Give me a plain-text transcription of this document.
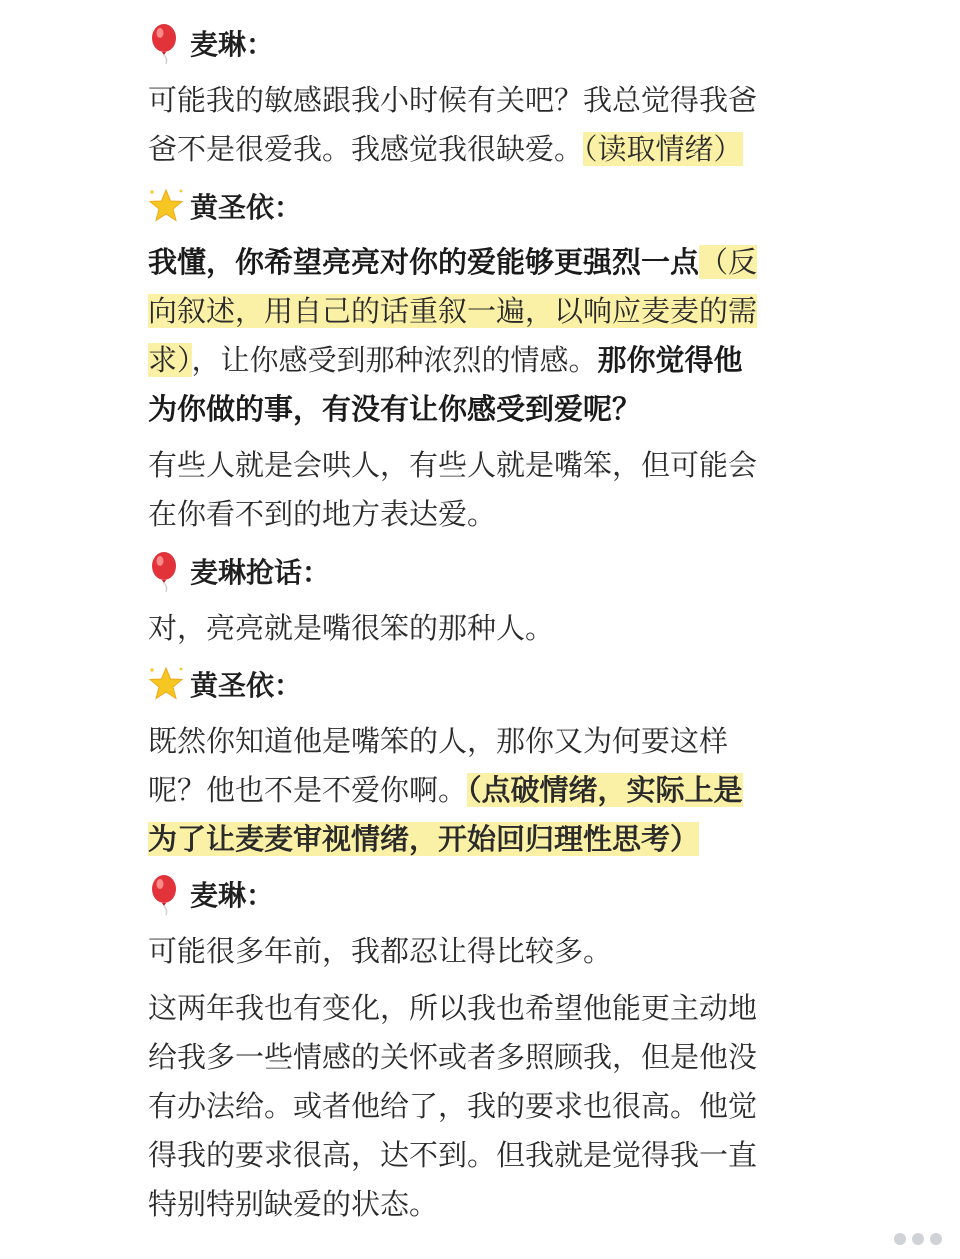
麦琳：
可能我的敏感跟我小时候有关吧？我总觉得我爸
爸不是很爱我。我感觉我很缺爱。（读取情绪）
黄圣依：
我懂，你希望亮亮对你的爱能够更强烈一点（反
向叙述，用自己的话重叙一遍，以响应麦麦的需
求），让你感受到那种浓烈的情感。那你觉得他
为你做的事，有没有让你感受到爱呢？
有些人就是会哄人，有些人就是嘴笨，但可能会
在你看不到的地方表达爱。
麦琳抢话：
对，亮亮就是嘴很笨的那种人。
黄圣依：
既然你知道他是嘴笨的人，那你又为何要这样
呢？他也不是不爱你啊。（点破情绪，实际上是
为了让麦麦审视情绪，开始回归理性思考）
麦琳：
可能很多年前，我都忍让得比较多。
这两年我也有变化，所以我也希望他能更主动地
给我多一些情感的关怀或者多照顾我，但是他没
有办法给。或者他给了，我的要求也很高。他觉
得我的要求很高，达不到。但我就是觉得我一直
特别特别缺爱的状态。
